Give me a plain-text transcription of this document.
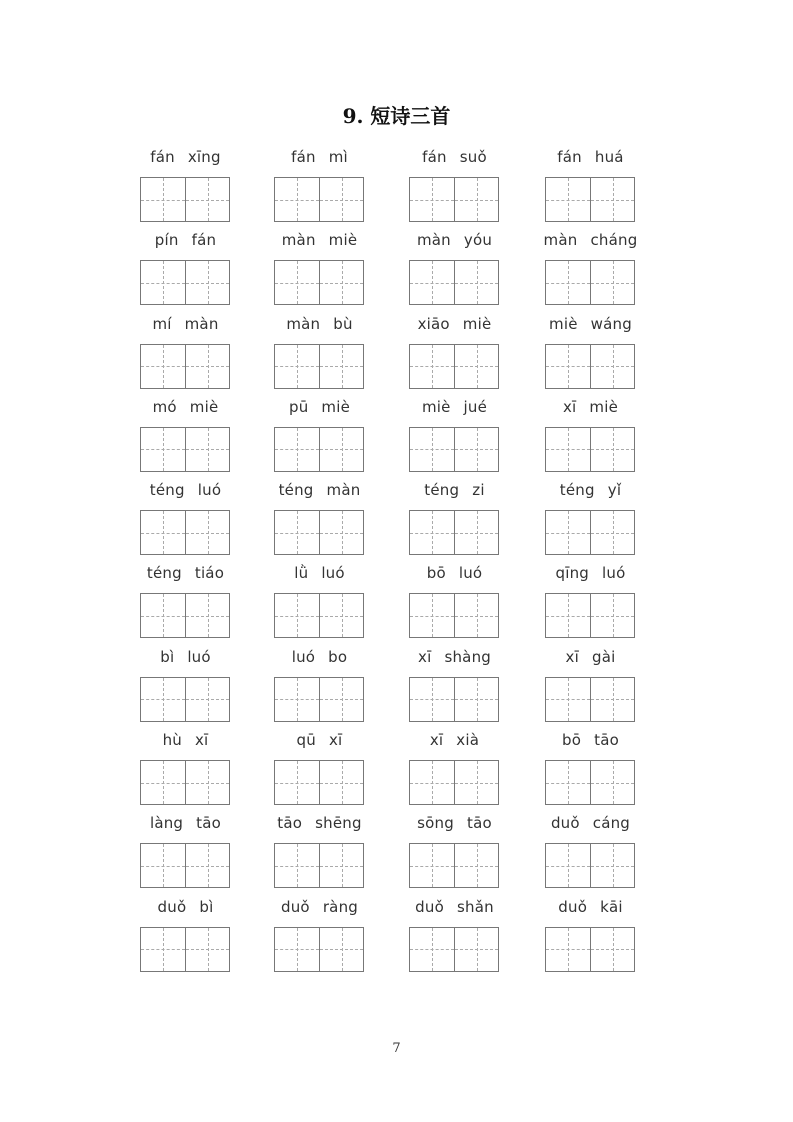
9. 短诗三首
fán xīng	fán mì	fán suǒ	fán huá
pín fán	màn miè	màn yóu	màn cháng
mí màn	màn bù	xiāo miè	miè wáng
mó miè	pū miè	miè jué	xī miè
téng luó	téng màn	téng zi	téng yǐ
téng tiáo	lǜ luó	bō luó	qīng luó
bì luó	luó bo	xī shàng	xī gài
hù xī	qū xī	xī xià	bō tāo
làng tāo	tāo shēng	sōng tāo	duǒ cáng
duǒ bì	duǒ ràng	duǒ shǎn	duǒ kāi
7
